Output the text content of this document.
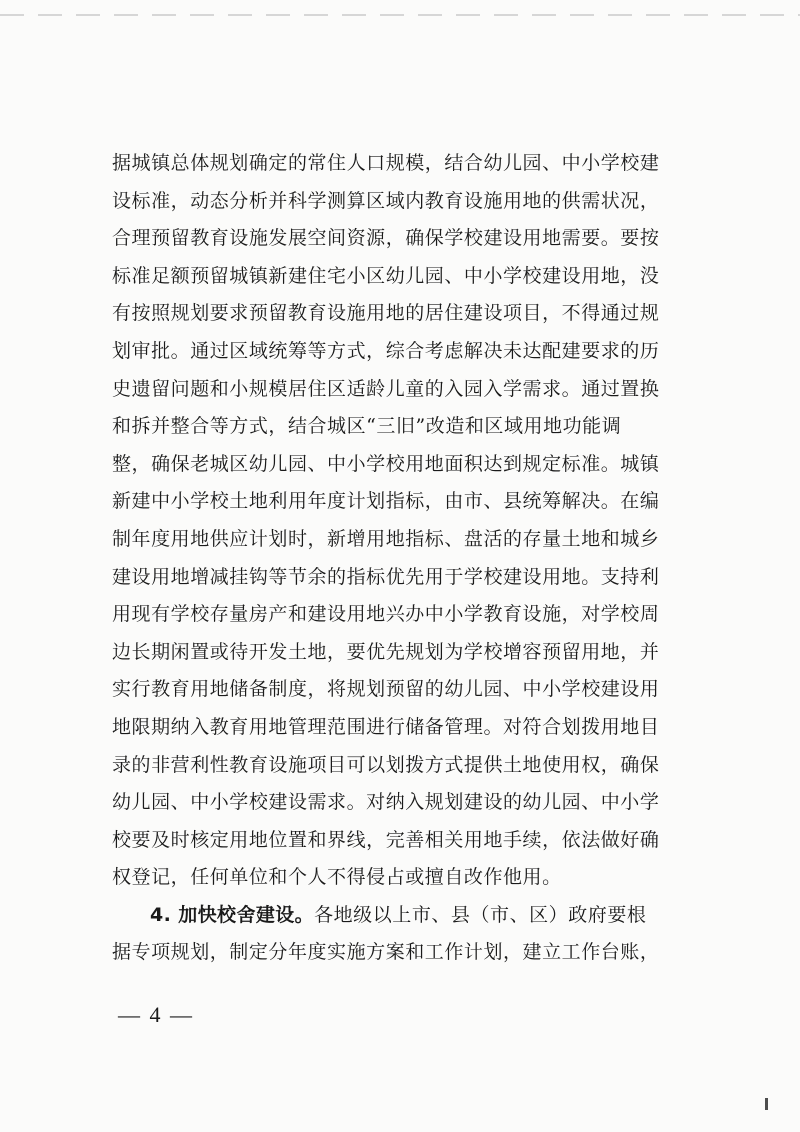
据城镇总体规划确定的常住人口规模，结合幼儿园、中小学校建
设标准，动态分析并科学测算区域内教育设施用地的供需状况，
合理预留教育设施发展空间资源，确保学校建设用地需要。要按
标准足额预留城镇新建住宅小区幼儿园、中小学校建设用地，没
有按照规划要求预留教育设施用地的居住建设项目，不得通过规
划审批。通过区域统筹等方式，综合考虑解决未达配建要求的历
史遗留问题和小规模居住区适龄儿童的入园入学需求。通过置换
和拆并整合等方式，结合城区“三旧”改造和区域用地功能调
整，确保老城区幼儿园、中小学校用地面积达到规定标准。城镇
新建中小学校土地利用年度计划指标，由市、县统筹解决。在编
制年度用地供应计划时，新增用地指标、盘活的存量土地和城乡
建设用地增减挂钩等节余的指标优先用于学校建设用地。支持利
用现有学校存量房产和建设用地兴办中小学教育设施，对学校周
边长期闲置或待开发土地，要优先规划为学校增容预留用地，并
实行教育用地储备制度，将规划预留的幼儿园、中小学校建设用
地限期纳入教育用地管理范围进行储备管理。对符合划拨用地目
录的非营利性教育设施项目可以划拨方式提供土地使用权，确保
幼儿园、中小学校建设需求。对纳入规划建设的幼儿园、中小学
校要及时核定用地位置和界线，完善相关用地手续，依法做好确
权登记，任何单位和个人不得侵占或擅自改作他用。
4. 加快校舍建设。各地级以上市、县（市、区）政府要根
据专项规划，制定分年度实施方案和工作计划，建立工作台账，
— 4 —
